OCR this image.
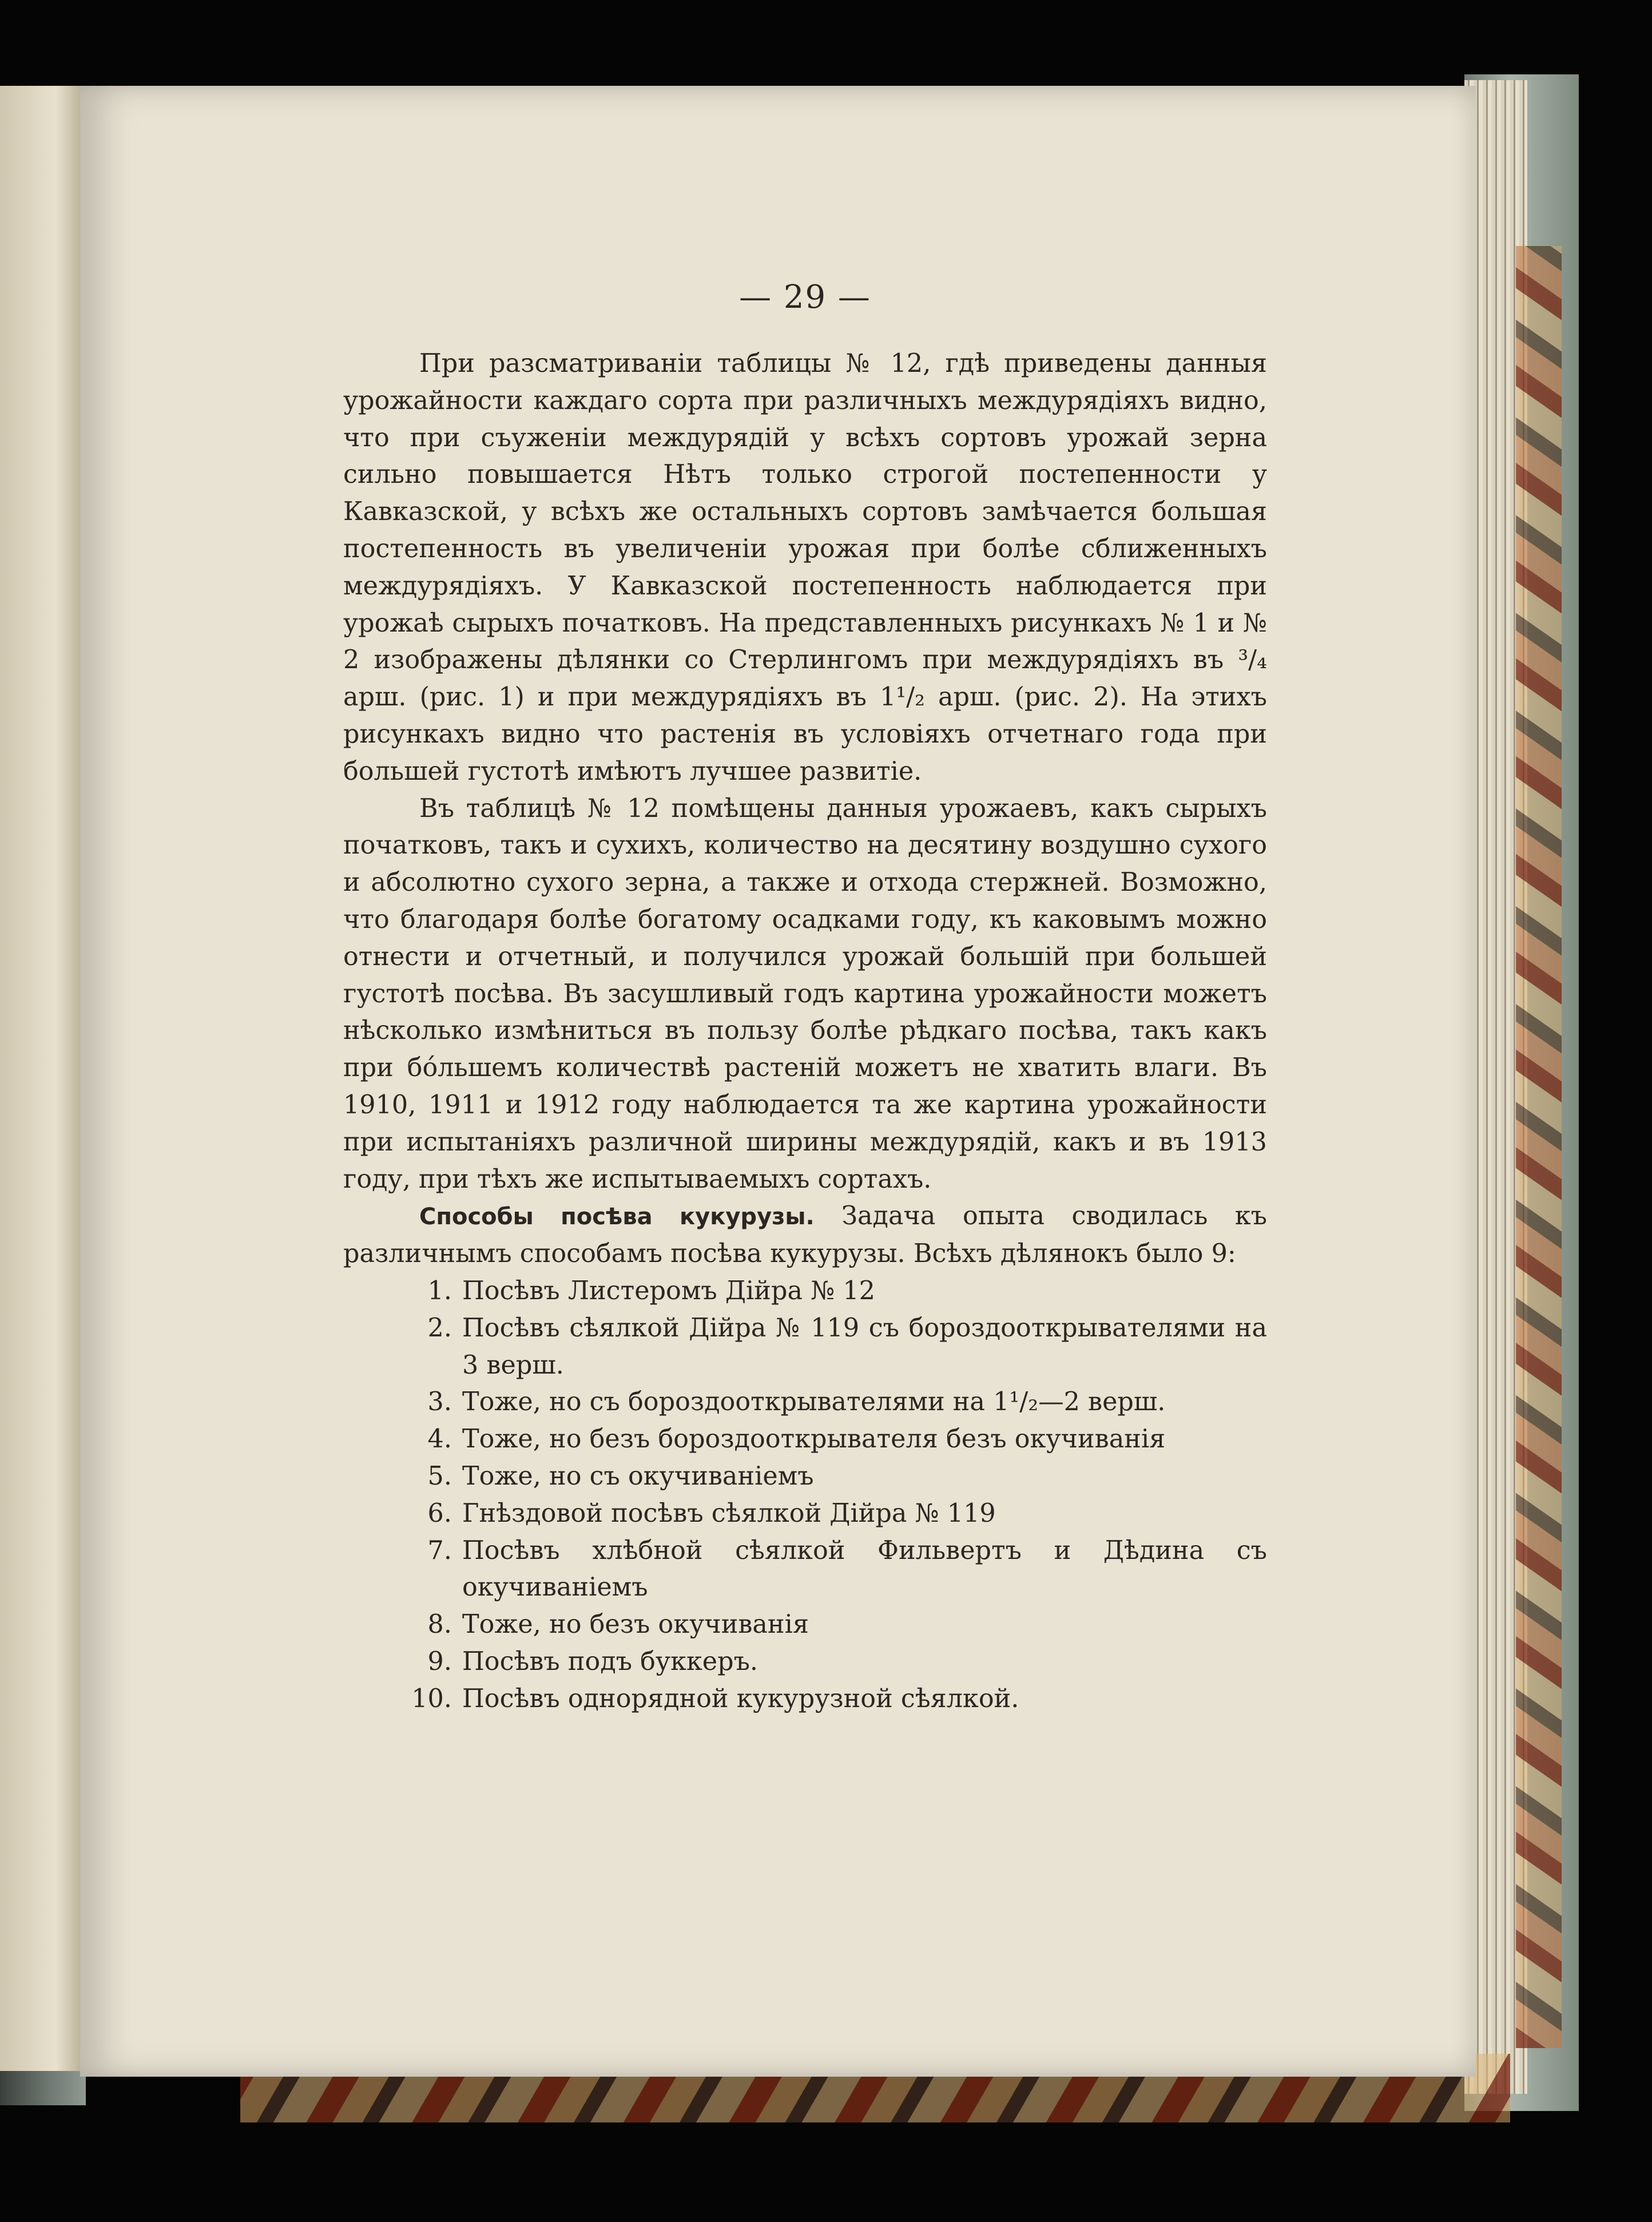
— 29 —

При разсматриваніи таблицы № 12, гдѣ приведены данныя урожайности каждаго сорта при различныхъ междурядіяхъ видно, что при съуженіи междурядій у всѣхъ сортовъ урожай зерна сильно повышается Нѣтъ только строгой постепенности у Кавказской, у всѣхъ же остальныхъ сортовъ замѣчается большая постепенность въ увеличеніи урожая при болѣе сближенныхъ междурядіяхъ. У Кавказской постепенность наблюдается при урожаѣ сырыхъ початковъ. На представленныхъ рисункахъ № 1 и № 2 изображены дѣлянки со Стерлингомъ при междурядіяхъ въ ³/₄ арш. (рис. 1) и при междурядіяхъ въ 1¹/₂ арш. (рис. 2). На этихъ рисункахъ видно что растенія въ условіяхъ отчетнаго года при большей густотѣ имѣютъ лучшее развитіе.

Въ таблицѣ № 12 помѣщены данныя урожаевъ, какъ сырыхъ початковъ, такъ и сухихъ, количество на десятину воздушно сухого и абсолютно сухого зерна, а также и отхода стержней. Возможно, что благодаря болѣе богатому осадками году, къ каковымъ можно отнести и отчетный, и получился урожай большій при большей густотѣ посѣва. Въ засушливый годъ картина урожайности можетъ нѣсколько измѣниться въ пользу болѣе рѣдкаго посѣва, такъ какъ при бóльшемъ количествѣ растеній можетъ не хватить влаги. Въ 1910, 1911 и 1912 году наблюдается та же картина урожайности при испытаніяхъ различной ширины междурядій, какъ и въ 1913 году, при тѣхъ же испытываемыхъ сортахъ.

Способы посѣва кукурузы. Задача опыта сводилась къ различнымъ способамъ посѣва кукурузы. Всѣхъ дѣлянокъ было 9:

1. Посѣвъ Листеромъ Дійра № 12
2. Посѣвъ сѣялкой Дійра № 119 съ бороздооткрывателями на 3 верш.
3. Тоже, но съ бороздооткрывателями на 1¹/₂—2 верш.
4. Тоже, но безъ бороздооткрывателя безъ окучиванія
5. Тоже, но съ окучиваніемъ
6. Гнѣздовой посѣвъ сѣялкой Дійра № 119
7. Посѣвъ хлѣбной сѣялкой Фильвертъ и Дѣдина съ окучиваніемъ
8. Тоже, но безъ окучиванія
9. Посѣвъ подъ буккеръ.
10. Посѣвъ однорядной кукурузной сѣялкой.
